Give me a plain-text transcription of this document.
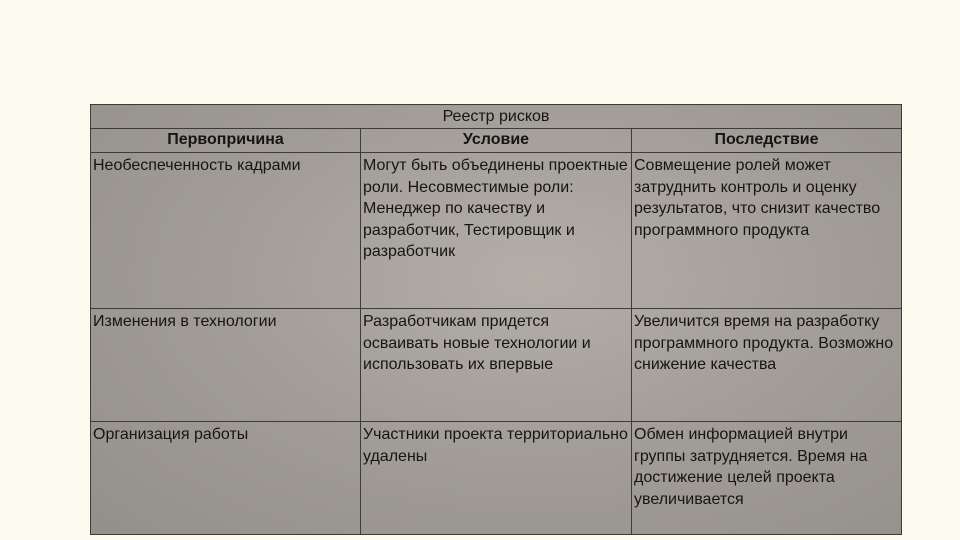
Реестр рисков		
Первопричина	Условие	Последствие
Необеспеченность кадрами	Могут быть объединены проектные роли. Несовместимые роли: Менеджер по качеству и разработчик, Тестировщик и разработчик	Совмещение ролей может затруднить контроль и оценку результатов, что снизит качество программного продукта
Изменения в технологии	Разработчикам придется осваивать новые технологии и использовать их впервые	Увеличится время на разработку программного продукта. Возможно снижение качества
Организация работы	Участники проекта территориально удалены	Обмен информацией внутри группы затрудняется. Время на достижение целей проекта увеличивается
